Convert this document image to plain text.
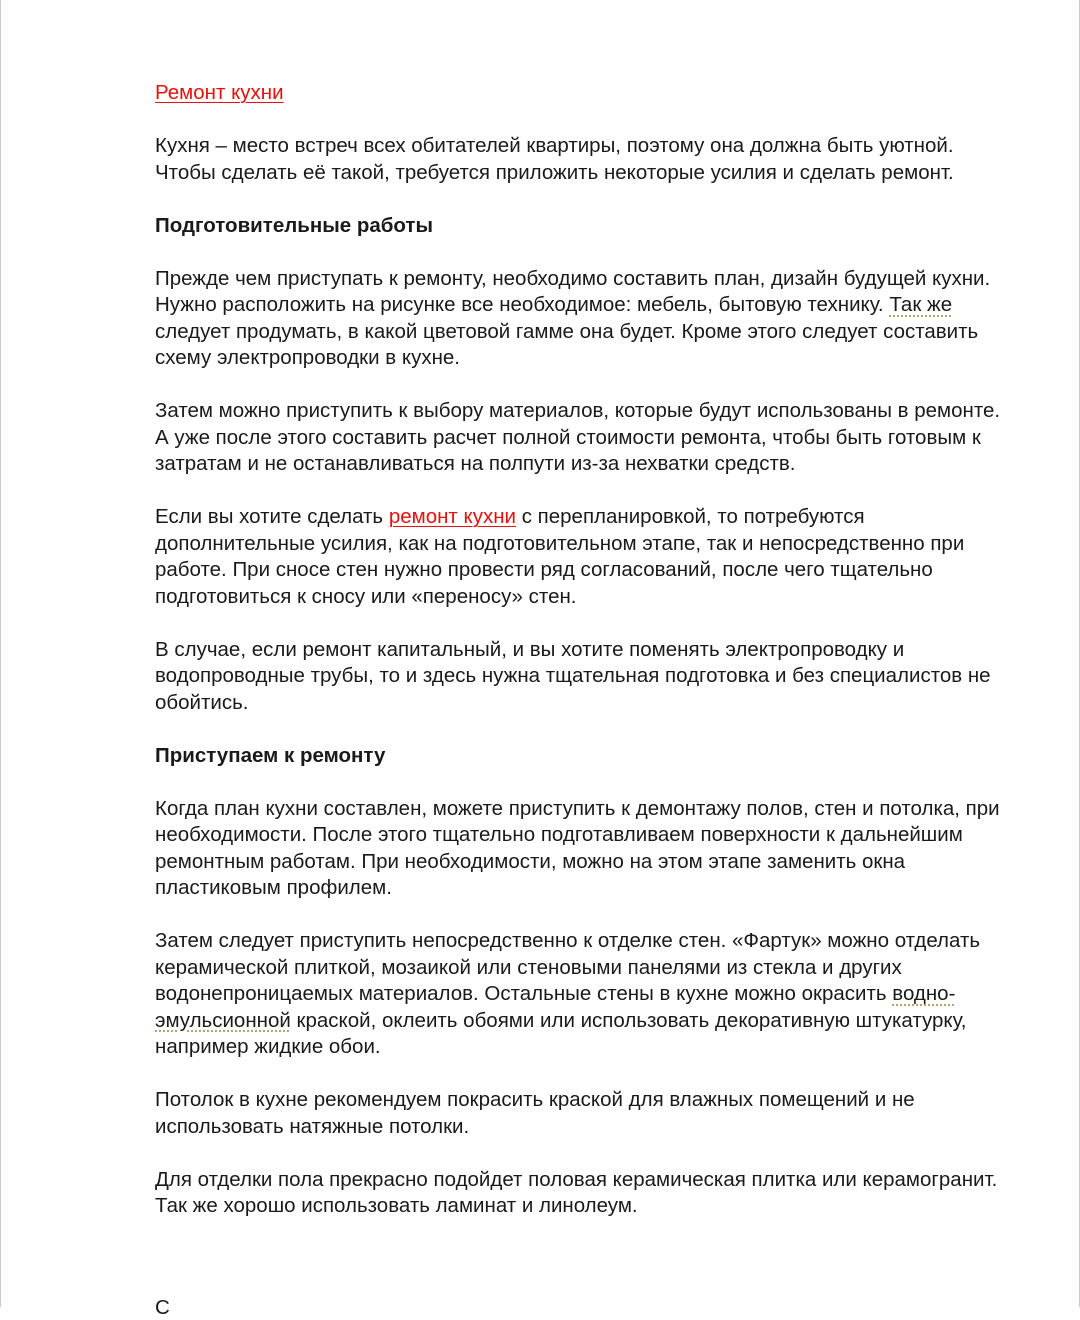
Ремонт кухни

Кухня – место встреч всех обитателей квартиры, поэтому она должна быть уютной. Чтобы сделать её такой, требуется приложить некоторые усилия и сделать ремонт.

Подготовительные работы

Прежде чем приступать к ремонту, необходимо составить план, дизайн будущей кухни. Нужно расположить на рисунке все необходимое: мебель, бытовую технику. Так же следует продумать, в какой цветовой гамме она будет. Кроме этого следует составить схему электропроводки в кухне.

Затем можно приступить к выбору материалов, которые будут использованы в ремонте. А уже после этого составить расчет полной стоимости ремонта, чтобы быть готовым к затратам и не останавливаться на полпути из-за нехватки средств.

Если вы хотите сделать ремонт кухни с перепланировкой, то потребуются дополнительные усилия, как на подготовительном этапе, так и непосредственно при работе. При сносе стен нужно провести ряд согласований, после чего тщательно подготовиться к сносу или «переносу» стен.

В случае, если ремонт капитальный, и вы хотите поменять электропроводку и водопроводные трубы, то и здесь нужна тщательная подготовка и без специалистов не обойтись.

Приступаем к ремонту

Когда план кухни составлен, можете приступить к демонтажу полов, стен и потолка, при необходимости. После этого тщательно подготавливаем поверхности к дальнейшим ремонтным работам. При необходимости, можно на этом этапе заменить окна пластиковым профилем.

Затем следует приступить непосредственно к отделке стен. «Фартук» можно отделать керамической плиткой, мозаикой или стеновыми панелями из стекла и других водонепроницаемых материалов. Остальные стены в кухне можно окрасить водно-эмульсионной краской, оклеить обоями или использовать декоративную штукатурку, например жидкие обои.

Потолок в кухне рекомендуем покрасить краской для влажных помещений и не использовать натяжные потолки.

Для отделки пола прекрасно подойдет половая керамическая плитка или керамогранит. Так же хорошо использовать ламинат и линолеум.

С
